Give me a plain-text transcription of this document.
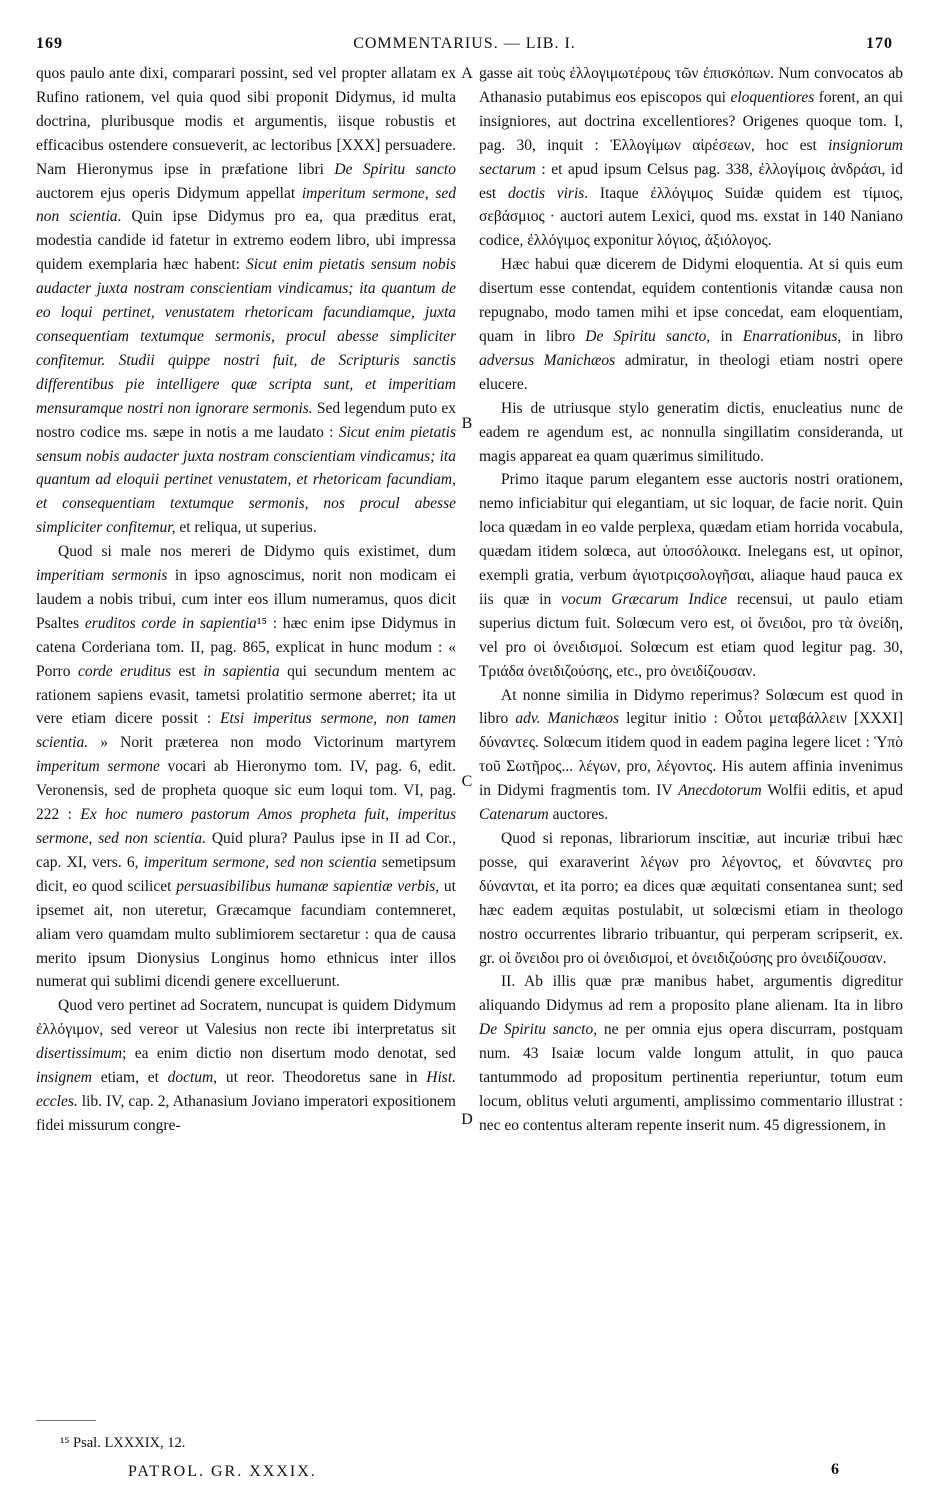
169	COMMENTARIUS. — LIB. I.	170

quos paulo ante dixi, comparari possint, sed vel propter allatam ex Rufino rationem, vel quia quod sibi proponit Didymus, id multa doctrina, pluribusque modis et argumentis, iisque robustis et efficacibus ostendere consueverit, ac lectoribus [XXX] persuadere. Nam Hieronymus ipse in præfatione libri De Spiritu sancto auctorem ejus operis Didymum appellat imperitum sermone, sed non scientia. Quin ipse Didymus pro ea, qua præditus erat, modestia candide id fatetur in extremo eodem libro, ubi impressa quidem exemplaria hæc habent: Sicut enim pietatis sensum nobis audacter juxta nostram conscientiam vindicamus; ita quantum de eo loqui pertinet, venustatem rhetoricam facundiamque, juxta consequentiam textumque sermonis, procul abesse simpliciter confitemur. Studii quippe nostri fuit, de Scripturis sanctis differentibus pie intelligere quæ scripta sunt, et imperitiam mensuramque nostri non ignorare sermonis. Sed legendum puto ex nostro codice ms. sæpe in notis a me laudato : Sicut enim pietatis sensum nobis audacter juxta nostram conscientiam vindicamus; ita quantum ad eloquii pertinet venustatem, et rhetoricam facundiam, et consequentiam textumque sermonis, nos procul abesse simpliciter confitemur, et reliqua, ut superius.

Quod si male nos mereri de Didymo quis existimet, dum imperitiam sermonis in ipso agnoscimus, norit non modicam ei laudem a nobis tribui, cum inter eos illum numeramus, quos dicit Psaltes eruditos corde in sapientia¹⁵ : hæc enim ipse Didymus in catena Corderiana tom. II, pag. 865, explicat in hunc modum : « Porro corde eruditus est in sapientia qui secundum mentem ac rationem sapiens evasit, tametsi prolatitio sermone aberret; ita ut vere etiam dicere possit : Etsi imperitus sermone, non tamen scientia. » Norit præterea non modo Victorinum martyrem imperitum sermone vocari ab Hieronymo tom. IV, pag. 6, edit. Veronensis, sed de propheta quoque sic eum loqui tom. VI, pag. 222 : Ex hoc numero pastorum Amos propheta fuit, imperitus sermone, sed non scientia. Quid plura? Paulus ipse in II ad Cor., cap. XI, vers. 6, imperitum sermone, sed non scientia semetipsum dicit, eo quod scilicet persuasibilibus humanæ sapientiæ verbis, ut ipsemet ait, non uteretur, Græcamque facundiam contemneret, aliam vero quamdam multo sublimiorem sectaretur : qua de causa merito ipsum Dionysius Longinus homo ethnicus inter illos numerat qui sublimi dicendi genere excelluerunt.

Quod vero pertinet ad Socratem, nuncupat is quidem Didymum ἐλλόγιμον, sed vereor ut Valesius non recte ibi interpretatus sit disertissimum; ea enim dictio non disertum modo denotat, sed insignem etiam, et doctum, ut reor. Theodoretus sane in Hist. eccles. lib. IV, cap. 2, Athanasium Joviano imperatori expositionem fidei missurum congre-

gasse ait τοὺς ἐλλογιμωτέρους τῶν ἐπισκόπων. Num convocatos ab Athanasio putabimus eos episcopos qui eloquentiores forent, an qui insigniores, aut doctrina excellentiores? Origenes quoque tom. I, pag. 30, inquit : Ἐλλογίμων αἱρέσεων, hoc est insigniorum sectarum : et apud ipsum Celsus pag. 338, ἐλλογίμοις ἀνδράσι, id est doctis viris. Itaque ἐλλόγιμος Suidæ quidem est τίμιος, σεβάσμιος · auctori autem Lexici, quod ms. exstat in 140 Naniano codice, ἐλλόγιμος exponitur λόγιος, ἀξιόλογος.

Hæc habui quæ dicerem de Didymi eloquentia. At si quis eum disertum esse contendat, equidem contentionis vitandæ causa non repugnabo, modo tamen mihi et ipse concedat, eam eloquentiam, quam in libro De Spiritu sancto, in Enarrationibus, in libro adversus Manichæos admiratur, in theologi etiam nostri opere elucere.

His de utriusque stylo generatim dictis, enucleatius nunc de eadem re agendum est, ac nonnulla singillatim consideranda, ut magis appareat ea quam quærimus similitudo.

Primo itaque parum elegantem esse auctoris nostri orationem, nemo inficiabitur qui elegantiam, ut sic loquar, de facie norit. Quin loca quædam in eo valde perplexa, quædam etiam horrida vocabula, quædam itidem solœca, aut ὑποσόλοικα. Inelegans est, ut opinor, exempli gratia, verbum ἁγιοτριςσολογῆσαι, aliaque haud pauca ex iis quæ in vocum Græcarum Indice recensui, ut paulo etiam superius dictum fuit. Solœcum vero est, οἱ ὄνειδοι, pro τὰ ὀνείδη, vel pro οἱ ὀνειδισμοί. Solœcum est etiam quod legitur pag. 30, Τριάδα ὀνειδιζούσης, etc., pro ὀνειδίζουσαν.

At nonne similia in Didymo reperimus? Solœcum est quod in libro adv. Manichæos legitur initio : Οὗτοι μεταβάλλειν [XXXI] δύναντες. Solœcum itidem quod in eadem pagina legere licet : Ὑπὸ τοῦ Σωτῆρος... λέγων, pro, λέγοντος. His autem affinia invenimus in Didymi fragmentis tom. IV Anecdotorum Wolfii editis, et apud Catenarum auctores.

Quod si reponas, librariorum inscitiæ, aut incuriæ tribui hæc posse, qui exaraverint λέγων pro λέγοντος, et δύναντες pro δύνανται, et ita porro; ea dices quæ æquitati consentanea sunt; sed hæc eadem æquitas postulabit, ut solœcismi etiam in theologo nostro occurrentes librario tribuantur, qui perperam scripserit, ex. gr. οἱ ὄνειδοι pro οἱ ὀνειδισμοί, et ὀνειδιζούσης pro ὀνειδίζουσαν.

II. Ab illis quæ præ manibus habet, argumentis digreditur aliquando Didymus ad rem a proposito plane alienam. Ita in libro De Spiritu sancto, ne per omnia ejus opera discurram, postquam num. 43 Isaiæ locum valde longum attulit, in quo pauca tantummodo ad propositum pertinentia reperiuntur, totum eum locum, oblitus veluti argumenti, amplissimo commentario illustrat : nec eo contentus alteram repente inserit num. 45 digressionem, in

A
B
C
D
¹⁵ Psal. LXXXIX, 12.
PATROL. GR. XXXIX.	6
